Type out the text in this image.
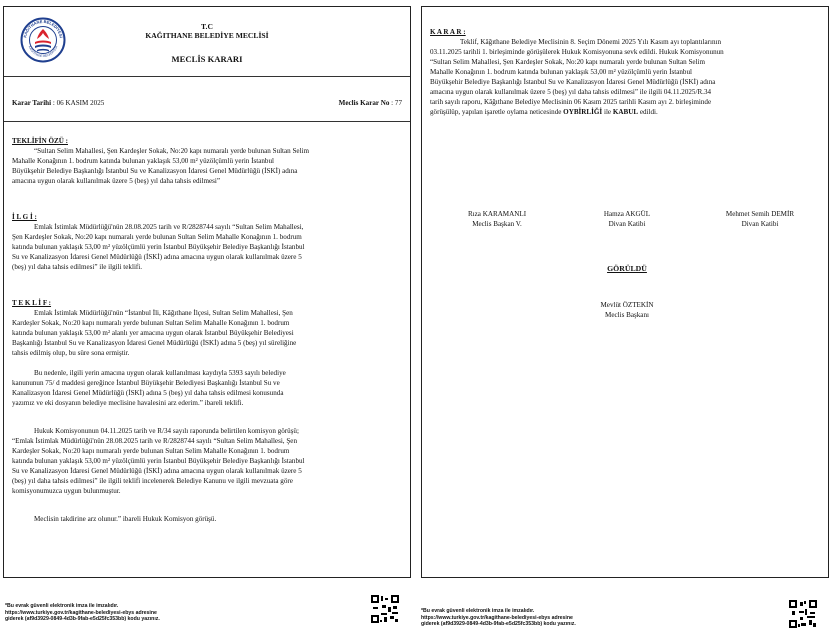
KAĞITHANE BELEDİYESİ
KAĞITHANE BELEDİYESİ
T.C
KAĞITHANE BELEDİYE MECLİSİ
MECLİS KARARI
Karar Tarihi : 06 KASIM 2025	Meclis Karar No : 77
TEKLİFİN ÖZÜ :
“Sultan Selim Mahallesi, Şen Kardeşler Sokak, No:20 kapı numaralı yerde bulunan Sultan Selim
Mahalle Konağının 1. bodrum katında bulunan yaklaşık 53,00 m² yüzölçümlü yerin İstanbul
Büyükşehir Belediye Başkanlığı İstanbul Su ve Kanalizasyon İdaresi Genel Müdürlüğü (İSKİ) adına
amacına uygun olarak kullanılmak üzere 5 (beş) yıl daha tahsis edilmesi”
İ L G İ :
Emlak İstimlak Müdürlüğü'nün 28.08.2025 tarih ve R/2828744 sayılı “Sultan Selim Mahallesi,
Şen Kardeşler Sokak, No:20 kapı numaralı yerde bulunan Sultan Selim Mahalle Konağının 1. bodrum
katında bulunan yaklaşık 53,00 m² yüzölçümlü yerin İstanbul Büyükşehir Belediye Başkanlığı İstanbul
Su ve Kanalizasyon İdaresi Genel Müdürlüğü (İSKİ) adına amacına uygun olarak kullanılmak üzere 5
(beş) yıl daha tahsis edilmesi” ile ilgili teklifi.
T E K L İ F :
Emlak İstimlak Müdürlüğü'nün “İstanbul İli, Kâğıthane İlçesi, Sultan Selim Mahallesi, Şen
Kardeşler Sokak, No:20 kapı numaralı yerde bulunan Sultan Selim Mahalle Konağının 1. bodrum
katında bulunan yaklaşık 53,00 m² alanlı yer amacına uygun olarak İstanbul Büyükşehir Belediyesi
Başkanlığı İstanbul Su ve Kanalizasyon İdaresi Genel Müdürlüğü (İSKİ) adına 5 (beş) yıl süreliğine
tahsis edilmiş olup, bu süre sona ermiştir.
Bu nedenle, ilgili yerin amacına uygun olarak kullanılması kaydıyla 5393 sayılı belediye
kanununun 75/ d maddesi gereğince İstanbul Büyükşehir Belediyesi Başkanlığı İstanbul Su ve
Kanalizasyon İdaresi Genel Müdürlüğü (İSKİ) adına 5 (beş) yıl daha tahsis edilmesi konusunda
yazımız ve eki dosyanın belediye meclisine havalesini arz ederim.” ibareli teklifi.
Hukuk Komisyonunun 04.11.2025 tarih ve R/34 sayılı raporunda belirtilen komisyon görüşü;
“Emlak İstimlak Müdürlüğü'nün 28.08.2025 tarih ve R/2828744 sayılı “Sultan Selim Mahallesi, Şen
Kardeşler Sokak, No:20 kapı numaralı yerde bulunan Sultan Selim Mahalle Konağının 1. bodrum
katında bulunan yaklaşık 53,00 m² yüzölçümlü yerin İstanbul Büyükşehir Belediye Başkanlığı İstanbul
Su ve Kanalizasyon İdaresi Genel Müdürlüğü (İSKİ) adına amacına uygun olarak kullanılmak üzere 5
(beş) yıl daha tahsis edilmesi” ile ilgili teklifi incelenerek Belediye Kanunu ve ilgili mevzuata göre
komisyonumuzca uygun bulunmuştur.
Meclisin takdirine arz olunur.” ibareli Hukuk Komisyon görüşü.
*Bu evrak güvenli elektronik imza ile imzalıdır.
https://www.turkiye.gov.tr/kagithane-belediyesi-ebys adresine
giderek (af9d3929-0849-4d3b-9fab-e5d25fc353bb) kodu yazınız.
K A R A R :
Teklif, Kâğıthane Belediye Meclisinin 8. Seçim Dönemi 2025 Yılı Kasım ayı toplantılarının
03.11.2025 tarihli 1. birleşiminde görüşülerek Hukuk Komisyonuna sevk edildi. Hukuk Komisyonunun
“Sultan Selim Mahallesi, Şen Kardeşler Sokak, No:20 kapı numaralı yerde bulunan Sultan Selim
Mahalle Konağının 1. bodrum katında bulunan yaklaşık 53,00 m² yüzölçümlü yerin İstanbul
Büyükşehir Belediye Başkanlığı İstanbul Su ve Kanalizasyon İdaresi Genel Müdürlüğü (İSKİ) adına
amacına uygun olarak kullanılmak üzere 5 (beş) yıl daha tahsis edilmesi” ile ilgili 04.11.2025/R.34
tarih sayılı raporu, Kâğıthane Belediye Meclisinin 06 Kasım 2025 tarihli Kasım ayı 2. birleşiminde
görüşülüp, yapılan işaretle oylama neticesinde OYBİRLİĞİ ile KABUL edildi.
Rıza KARAMANLI
Meclis Başkan V.
Hamza AKGÜL
Divan Katibi
Mehmet Semih DEMİR
Divan Katibi
GÖRÜLDÜ
Mevlüt ÖZTEKİN
Meclis Başkanı
*Bu evrak güvenli elektronik imza ile imzalıdır.
https://www.turkiye.gov.tr/kagithane-belediyesi-ebys adresine
giderek (af9d3929-0849-4d3b-9fab-e5d25fc353bb) kodu yazınız.
